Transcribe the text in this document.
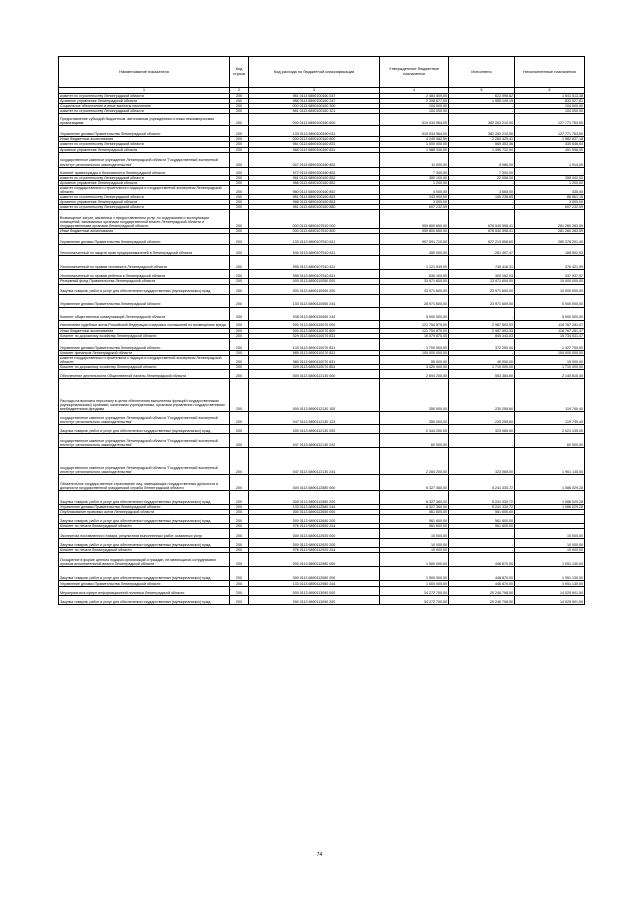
Наименование показателя	Код строки	Код расхода по бюджетной классификации	Утвержденные бюджетные назначения	Исполнено	Неисполненные назначения
1	2	3	4	5	6
комитет по строительству Ленинградской области	200	981 0113 6890100160 247	2 484 509,00	622 996,62	1 641 513,38
Архивное управление Ленинградской области	200	988 0113 6890100160 247	2 398 677,00	1 565 149,19	833 527,81
Социальное обеспечение и иные выплаты населению	200	000 0113 6890100160 300	104 000,00	-	104 000,00
комитет по строительству Ленинградской области	200	981 0113 6890100160 321	104 000,00	-	104 000,00
Предоставление субсидий бюджетным, автономным учреждениям и иным некоммерческим организациям	200	000 0113 6890100160 600	510 034 964,00	382 263 210,50	127 771 753,50
Управление делами Правительства Ленинградской области	200	133 0113 6890100160 611	510 034 964,00	382 263 210,50	127 771 753,50
Иные бюджетные ассигнования	200	000 0113 6890100160 800	4 249 382,59	2 280 425,41	1 982 837,18
комитет по строительству Ленинградской области	200	981 0113 6890100160 831	1 000 000,00	569 353,36	430 646,64
Архивное управление Ленинградской области	200	988 0113 6890100160 831	1 988 330,00	1 496 732,00	491 598,00
государственное казенное учреждение Ленинградской области "Государственный экспертный институт регионального законодательства"	200	047 0113 6890100160 852	11 000,00	9 086,00	1 914,00
Комитет правопорядка и безопасности Ленинградской области	200	972 0113 6890100160 852	7 300,00	7 300,00	-
комитет по строительству Ленинградской области	200	981 0113 6890100160 852	380 100,00	22 058,00	358 042,00
Архивное управление Ленинградской области	200	988 0113 6890100160 852	1 200,00	-	1 200,00
комитет государственного строительного надзора и государственной экспертизы Ленинградской области	200	980 0113 6890100160 852	4 000,00	3 665,00	335,00
комитет по строительству Ленинградской области	200	981 0113 6890100160 853	243 900,00	155 238,65	88 661,15
Архивное управление Ленинградской области	200	988 0113 6890100160 853	3 000,00	-	3 000,00
комитет по строительству Ленинградской области	200	981 0113 6890100160 880	607 232,59	-	607 232,59
Возмещение затрат, связанных с предоставлением услуг по содержанию и эксплуатации помещений, занимаемых органами государственной власти Ленинградской области и государственными органами Ленинградской области	200	000 0113 6890107510 000	959 800 650,00	678 540 598,41	281 260 283,59
Иные бюджетные ассигнования	200	000 0113 6890107510 800	959 800 650,00	678 540 598,41	281 260 283,59
Управление делами Правительства Ленинградской области	200	133 0113 6890107510 811	957 591 710,00	677 213 508,60	280 378 201,40
Уполномоченный по защите прав предпринимателей в Ленинградской области	200	940 0113 6890107510 811	450 000,00	281 497,47	168 502,53
Уполномоченный по правам человека в Ленинградской области	200	995 0113 6890107510 811	1 121 949,00	745 416,31	376 421,99
Уполномоченный по правам ребенка в Ленинградской области	200	996 0113 6890107510 811	636 100,00	300 162,03	337 937,97
Резервный фонд Правительства Ленинградской области	200	000 0113 6890110050 000	33 971 600,00	23 971 600,00	10 000 000,00
Закупка товаров, работ и услуг для обеспечения государственных (муниципальных) нужд	200	000 0113 6890110050 200	33 971 600,00	23 971 600,00	10 000 000,00
Управление делами Правительства Ленинградской области	200	133 0113 6890110050 244	28 971 600,00	23 971 600,00	5 000 000,00
Комитет общественных коммуникаций Ленинградской области	200	938 0113 6890110050 244	5 000 000,00	-	5 000 000,00
Исполнение судебных актов Российской Федерации и мировых соглашений по возмещению вреда	200	000 0113 6890110070 000	121 754 875,00	2 987 593,53	118 767 281,47
Иные бюджетные ассигнования	200	000 0113 6890110070 800	121 754 875,00	2 987 593,53	118 767 281,47
Комитет по дорожному хозяйству Ленинградской области	200	029 0113 6890110070 831	16 579 875,00	845 343,53	15 734 531,47
Управление делами Правительства Ленинградской области	200	133 0113 6890110070 831	1 700 000,00	372 250,00	1 327 750,00
Комитет финансов Ленинградской области	200	985 0113 6890110070 831	100 000 000,00	-	100 000 000,00
комитет государственного строительного надзора и государственной экспертизы Ленинградской области	200	980 0113 6890110070 831	55 000,00	40 000,00	15 000,00
Комитет по дорожному хозяйству Ленинградской области	200	029 0113 6890110070 853	3 420 000,00	1 710 000,00	1 710 000,00
Обеспечение деятельности Общественной палаты Ленинградской области	200	000 0113 6890112130 000	2 694 200,00	553 384,60	2 140 815,40
Расходы на выплаты персоналу в целях обеспечения выполнения функций государственными (муниципальными) органами, казенными учреждениями, органами управления государственными внебюджетными фондами	200	000 0113 6890112130 100	350 000,00	230 259,60	119 740,40
государственное казенное учреждение Ленинградской области "Государственный экспертный институт регионального законодательства"	200	047 0113 6890112130 123	350 000,00	230 259,60	119 740,40
Закупка товаров, работ и услуг для обеспечения государственных (муниципальных) нужд	200	000 0113 6890112130 200	2 344 200,00	323 065,00	2 021 135,00
государственное казенное учреждение Ленинградской области "Государственный экспертный институт регионального законодательства"	200	047 0113 6890112130 242	60 000,00	-	60 000,00
государственное казенное учреждение Ленинградской области "Государственный экспертный институт регионального законодательства"	200	047 0113 6890112130 244	2 284 200,00	323 065,00	1 961 135,00
Обязательное государственное страхование лиц, замещающих государственные должности и должности государственной гражданской службы Ленинградской области	200	000 0113 6890112580 000	6 327 360,00	5 241 330,72	1 086 029,28
Закупка товаров, работ и услуг для обеспечения государственных (муниципальных) нужд	200	000 0113 6890112580 200	6 327 360,00	5 241 330,72	1 086 029,28
Управление делами Правительства Ленинградской области	200	133 0113 6890112580 244	6 327 360,00	5 241 330,72	1 086 029,28
Опубликование правовых актов Ленинградской области	200	000 0113 6890112650 000	561 600,00	561 600,00	-
Закупка товаров, работ и услуг для обеспечения государственных (муниципальных) нужд	200	000 0113 6890112650 200	561 600,00	561 600,00	-
Комитет по печати Ленинградской области	200	976 0113 6890112650 244	561 600,00	561 600,00	-
Экспертиза поставленного товара, результатов выполненных работ, оказанных услуг	200	000 0113 6890112920 000	10 000,00	-	10 000,00
Закупка товаров, работ и услуг для обеспечения государственных (муниципальных) нужд	200	000 0113 6890112920 200	10 000,00	-	10 000,00
Комитет по печати Ленинградской области	200	976 0113 6890112920 244	10 000,00	-	10 000,00
Поощрение в форме ценного подарка организаций и граждан, не являющихся сотрудниками органов исполнительной власти Ленинградской области	200	000 0113 6890112980 000	1 500 000,00	448 870,00	1 051 130,00
Закупка товаров, работ и услуг для обеспечения государственных (муниципальных) нужд	200	000 0113 6890112980 200	1 500 000,00	448 870,00	1 051 130,00
Управление делами Правительства Ленинградской области	200	133 0113 6890112980 244	1 500 000,00	448 870,00	1 051 130,00
Мероприятия в сфере информационной политики Ленинградской области	200	000 0113 6890113090 000	34 272 700,00	20 246 798,50	14 025 901,50
Закупка товаров, работ и услуг для обеспечения государственных (муниципальных) нужд	200	000 0113 6890113090 200	34 272 700,00	20 246 798,50	14 025 901,50
74
